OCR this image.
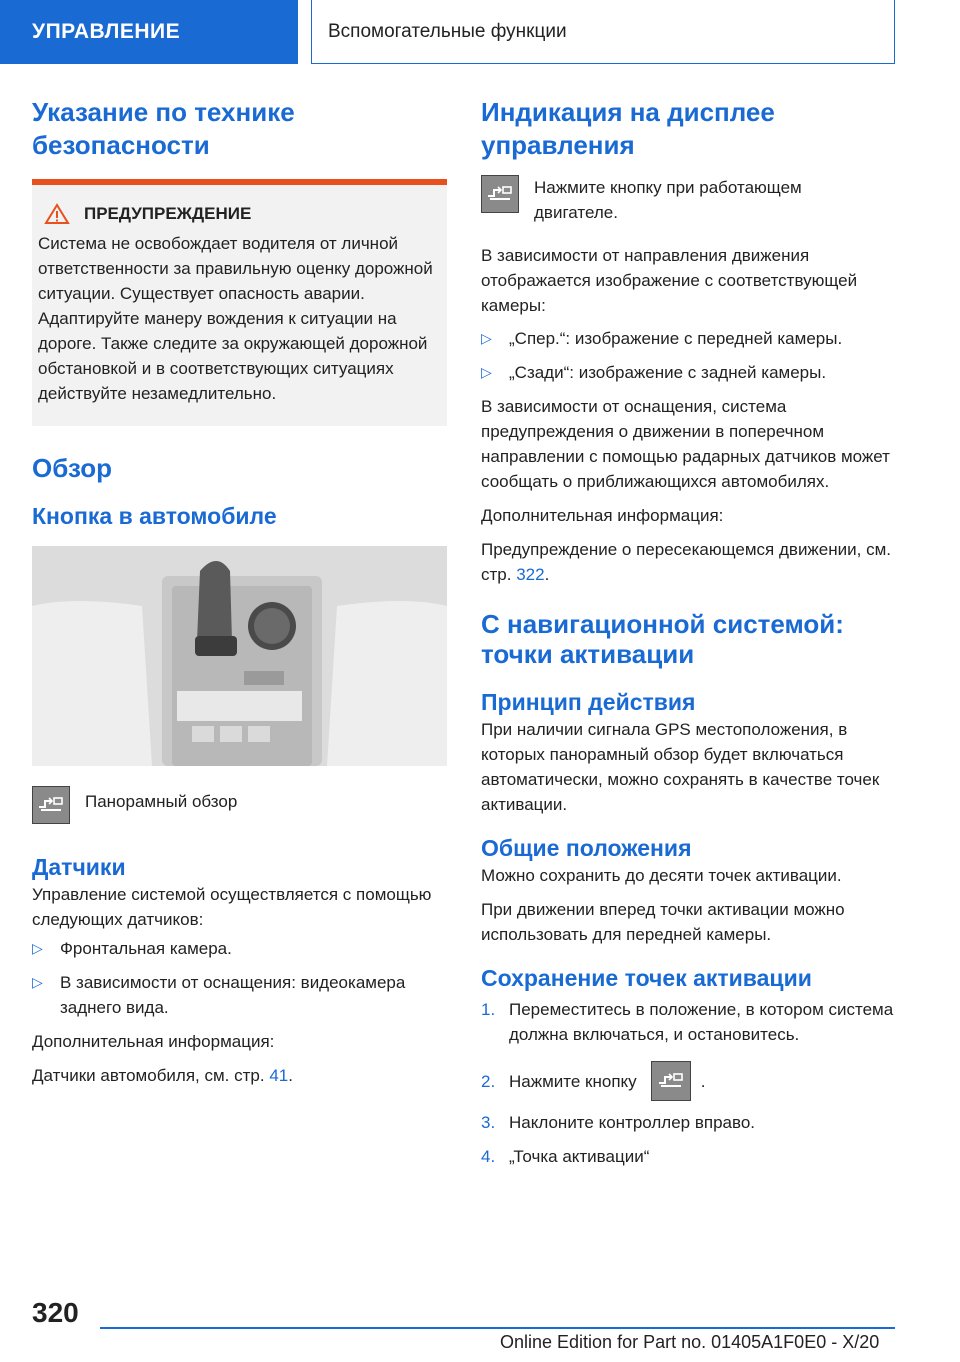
УПРАВЛЕНИЕ	Вспомогательные функции
Указание по технике безопасности
ПРЕДУПРЕЖДЕНИЕ

Система не освобождает водителя от личной ответственности за правильную оценку дорожной ситуации. Существует опасность аварии. Адаптируйте манеру вождения к ситуации на дороге. Также следите за окружающей дорожной обстановкой и в соответствующих ситуациях действуйте незамедлительно.

Обзор
Кнопка в автомобиле

Панорамный обзор

Датчики

Управление системой осуществляется с помощью следующих датчиков:

▷ Фронтальная камера.
▷ В зависимости от оснащения: видеокамера заднего вида.

Дополнительная информация:

Датчики автомобиля, см. стр. 41.

Индикация на дисплее управления

Нажмите кнопку при работающем двигателе.

В зависимости от направления движения отображается изображение с соответствующей камеры:

▷ „Спер.“: изображение с передней камеры.
▷ „Сзади“: изображение с задней камеры.

В зависимости от оснащения, система предупреждения о движении в поперечном направлении с помощью радарных датчиков может сообщать о приближающихся автомобилях.

Дополнительная информация:

Предупреждение о пересекающемся движении, см. стр. 322.

С навигационной системой: точки активации
Принцип действия

При наличии сигнала GPS местоположения, в которых панорамный обзор будет включаться автоматически, можно сохранять в качестве точек активации.

Общие положения

Можно сохранить до десяти точек активации.

При движении вперед точки активации можно использовать для передней камеры.

Сохранение точек активации
1. Переместитесь в положение, в котором система должна включаться, и остановитесь.
2. Нажмите кнопку	.
3. Наклоните контроллер вправо.
4. „Точка активации“
320
Online Edition for Part no. 01405A1F0E0 - X/20
